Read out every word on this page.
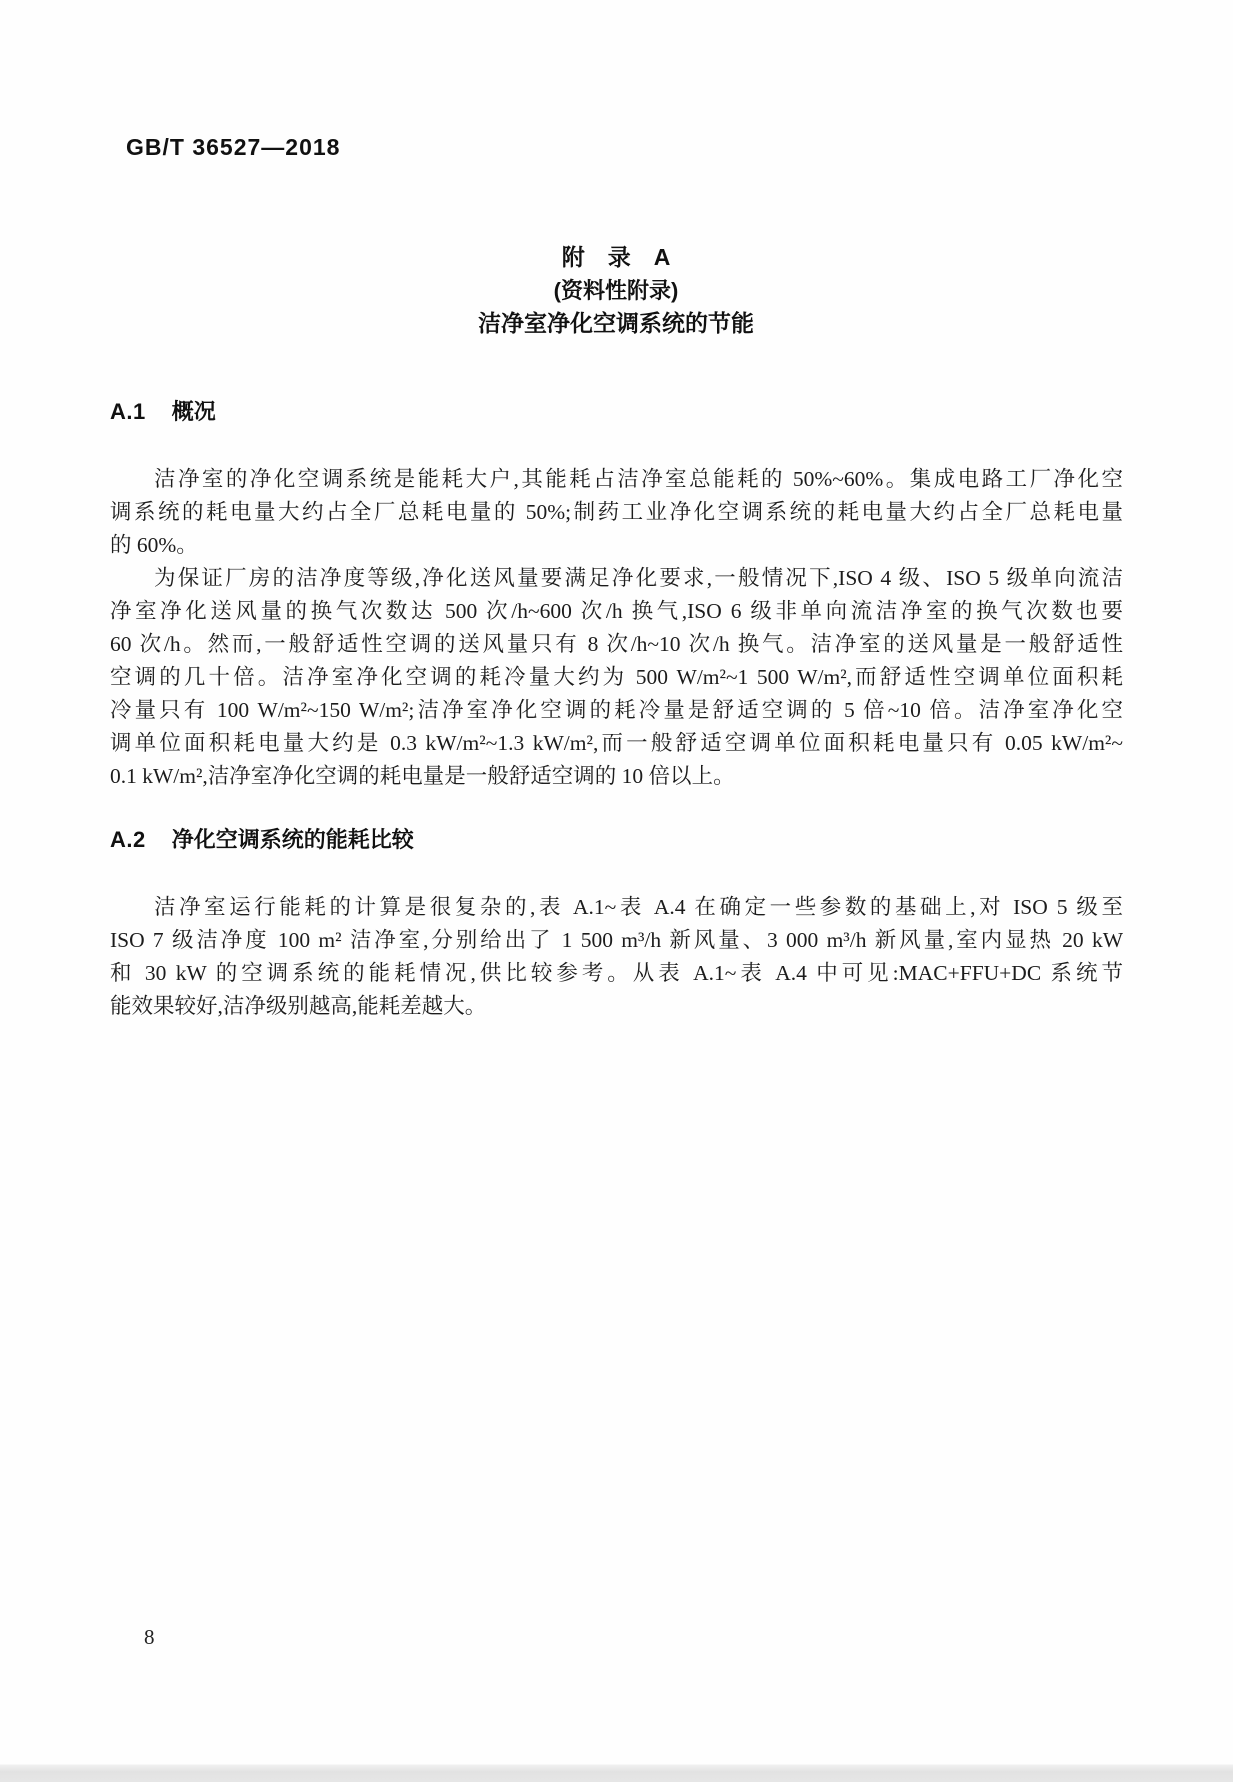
GB/T 36527—2018
附　录　A
(资料性附录)
洁净室净化空调系统的节能
A.1 概况
洁净室的净化空调系统是能耗大户,其能耗占洁净室总能耗的 50%~60%。集成电路工厂净化空
调系统的耗电量大约占全厂总耗电量的 50%;制药工业净化空调系统的耗电量大约占全厂总耗电量
的 60%。
为保证厂房的洁净度等级,净化送风量要满足净化要求,一般情况下,ISO 4 级、ISO 5 级单向流洁
净室净化送风量的换气次数达 500 次/h~600 次/h 换气,ISO 6 级非单向流洁净室的换气次数也要
60 次/h。然而,一般舒适性空调的送风量只有 8 次/h~10 次/h 换气。洁净室的送风量是一般舒适性
空调的几十倍。洁净室净化空调的耗冷量大约为 500 W/m²~1 500 W/m²,而舒适性空调单位面积耗
冷量只有 100 W/m²~150 W/m²;洁净室净化空调的耗冷量是舒适空调的 5 倍~10 倍。洁净室净化空
调单位面积耗电量大约是 0.3 kW/m²~1.3 kW/m²,而一般舒适空调单位面积耗电量只有 0.05 kW/m²~
0.1 kW/m²,洁净室净化空调的耗电量是一般舒适空调的 10 倍以上。
A.2 净化空调系统的能耗比较
洁净室运行能耗的计算是很复杂的,表 A.1~表 A.4 在确定一些参数的基础上,对 ISO 5 级至
ISO 7 级洁净度 100 m² 洁净室,分别给出了 1 500 m³/h 新风量、3 000 m³/h 新风量,室内显热 20 kW
和 30 kW 的空调系统的能耗情况,供比较参考。从表 A.1~表 A.4 中可见:MAC+FFU+DC 系统节
能效果较好,洁净级别越高,能耗差越大。
8
